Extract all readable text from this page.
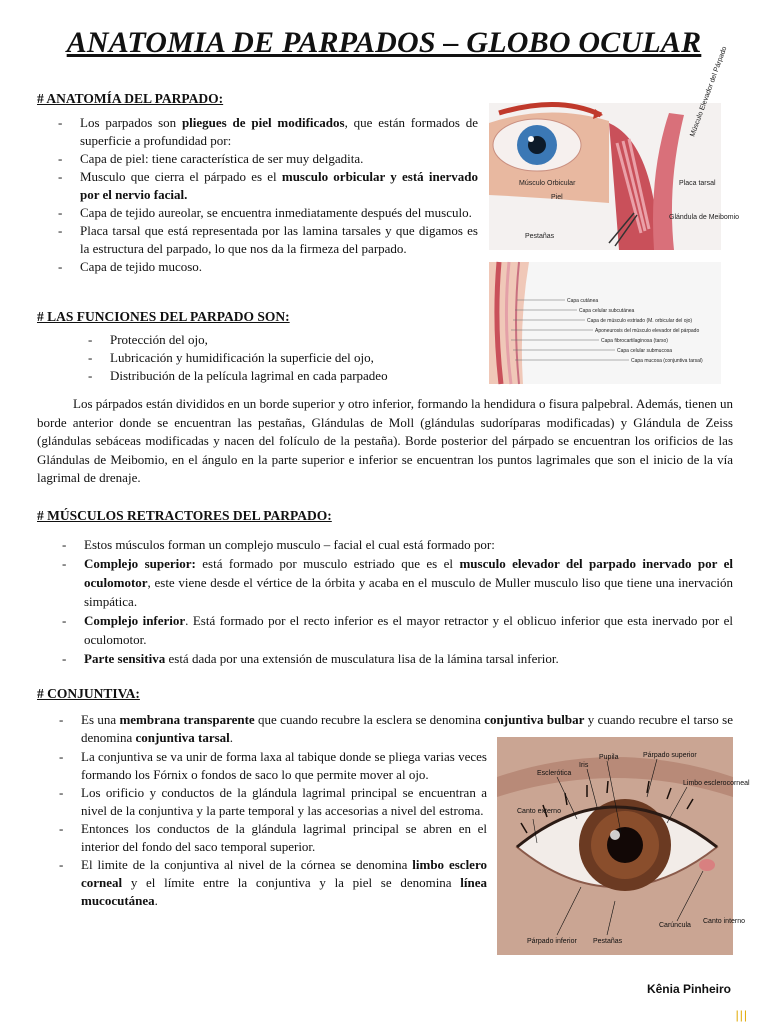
ANATOMIA DE PARPADOS – GLOBO OCULAR
# ANATOMÍA DEL PARPADO:
- Los parpados son pliegues de piel modificados, que están formados de superficie a profundidad por:
- Capa de piel: tiene característica de ser muy delgadita.
- Musculo que cierra el párpado es el musculo orbicular y está inervado por el nervio facial.
- Capa de tejido aureolar, se encuentra inmediatamente después del musculo.
- Placa tarsal que está representada por las lamina tarsales y que digamos es la estructura del parpado, lo que nos da la firmeza del parpado.
- Capa de tejido mucoso.
# LAS FUNCIONES DEL PARPADO SON:
- Protección del ojo,
- Lubricación y humidificación la superficie del ojo,
- Distribución de la película lagrimal en cada parpadeo
Los párpados están divididos en un borde superior y otro inferior, formando la hendidura o fisura palpebral. Además, tienen un borde anterior donde se encuentran las pestañas, Glándulas de Moll (glándulas sudoríparas modificadas) y Glándula de Zeiss (glándulas sebáceas modificadas y nacen del folículo de la pestaña). Borde posterior del párpado se encuentran los orificios de las Glándulas de Meibomio, en el ángulo en la parte superior e inferior se encuentran los puntos lagrimales que son el inicio de la vía lagrimal de drenaje.
# MÚSCULOS RETRACTORES DEL PARPADO:
- Estos músculos forman un complejo musculo – facial el cual está formado por:
- Complejo superior: está formado por musculo estriado que es el musculo elevador del parpado inervado por el oculomotor, este viene desde el vértice de la órbita y acaba en el musculo de Muller musculo liso que tiene una inervación simpática.
- Complejo inferior. Está formado por el recto inferior es el mayor retractor y el oblicuo inferior que esta inervado por el oculomotor.
- Parte sensitiva está dada por una extensión de musculatura lisa de la lámina tarsal inferior.
# CONJUNTIVA:
- Es una membrana transparente que cuando recubre la esclera se denomina conjuntiva bulbar y cuando recubre el tarso se denomina conjuntiva tarsal.
- La conjuntiva se va unir de forma laxa al tabique donde se pliega varias veces formando los Fórnix o fondos de saco lo que permite mover al ojo.
- Los orificio y conductos de la glándula lagrimal principal se encuentran a nivel de la conjuntiva y la parte temporal y las accesorias a nivel del estroma.
- Entonces los conductos de la glándula lagrimal principal se abren en el interior del fondo del saco temporal superior.
- El limite de la conjuntiva al nivel de la córnea se denomina limbo esclero corneal y el límite entre la conjuntiva y la piel se denomina línea mucocutánea.
Músculo Orbicular
Piel
Pestañas
Músculo Elevador del Párpado
Placa tarsal
Glándula de Meibomio
Capa cutánea
Capa celular subcutánea
Capa de músculo estriado (M. orbicular del ojo)
Aponeurosis del músculo elevador del párpado
Capa fibrocartilaginosa (tarso)
Capa celular submucosa
Capa mucosa (conjuntiva tarsal)
Esclerótica
Iris
Pupila	Párpado superior
Limbo esclerocorneal
Canto externo
Carúncula
Canto interno
Párpado inferior Pestañas
Kênia Pinheiro
|||
